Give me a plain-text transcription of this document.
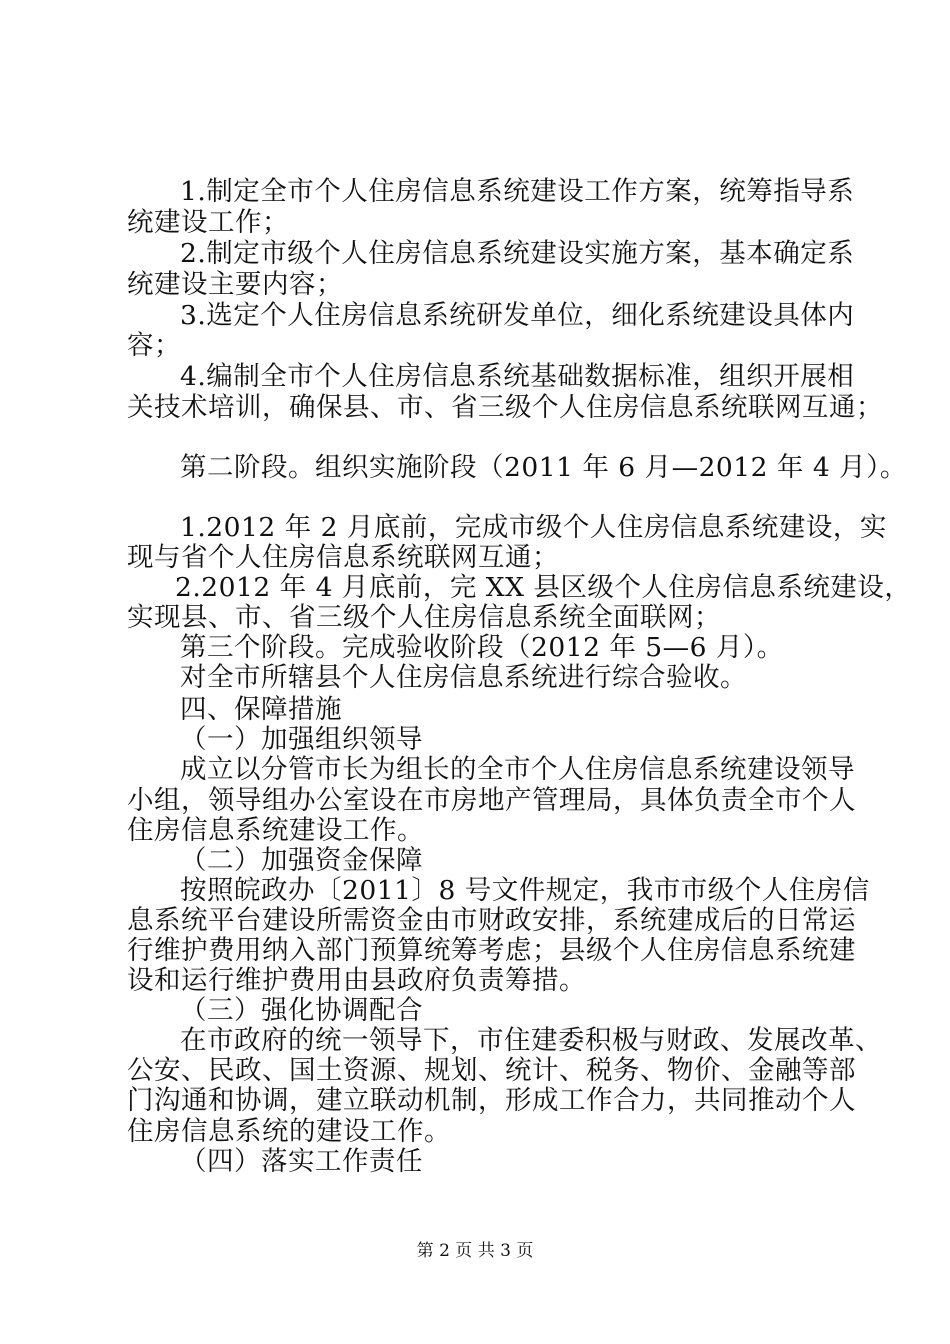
1.制定全市个人住房信息系统建设工作方案，统筹指导系
统建设工作；
2.制定市级个人住房信息系统建设实施方案，基本确定系
统建设主要内容；
3.选定个人住房信息系统研发单位，细化系统建设具体内
容；
4.编制全市个人住房信息系统基础数据标准，组织开展相
关技术培训，确保县、市、省三级个人住房信息系统联网互通；
第二阶段。组织实施阶段（2011 年 6 月—2012 年 4 月）。
1.2012 年 2 月底前，完成市级个人住房信息系统建设，实
现与省个人住房信息系统联网互通；
2.2012 年 4 月底前，完 XX 县区级个人住房信息系统建设，
实现县、市、省三级个人住房信息系统全面联网；
第三个阶段。完成验收阶段（2012 年 5—6 月）。
对全市所辖县个人住房信息系统进行综合验收。
四、保障措施
（一）加强组织领导
成立以分管市长为组长的全市个人住房信息系统建设领导
小组，领导组办公室设在市房地产管理局，具体负责全市个人
住房信息系统建设工作。
（二）加强资金保障
按照皖政办〔2011〕8 号文件规定，我市市级个人住房信
息系统平台建设所需资金由市财政安排，系统建成后的日常运
行维护费用纳入部门预算统筹考虑；县级个人住房信息系统建
设和运行维护费用由县政府负责筹措。
（三）强化协调配合
在市政府的统一领导下，市住建委积极与财政、发展改革、
公安、民政、国土资源、规划、统计、税务、物价、金融等部
门沟通和协调，建立联动机制，形成工作合力，共同推动个人
住房信息系统的建设工作。
（四）落实工作责任
第 2 页 共 3 页
